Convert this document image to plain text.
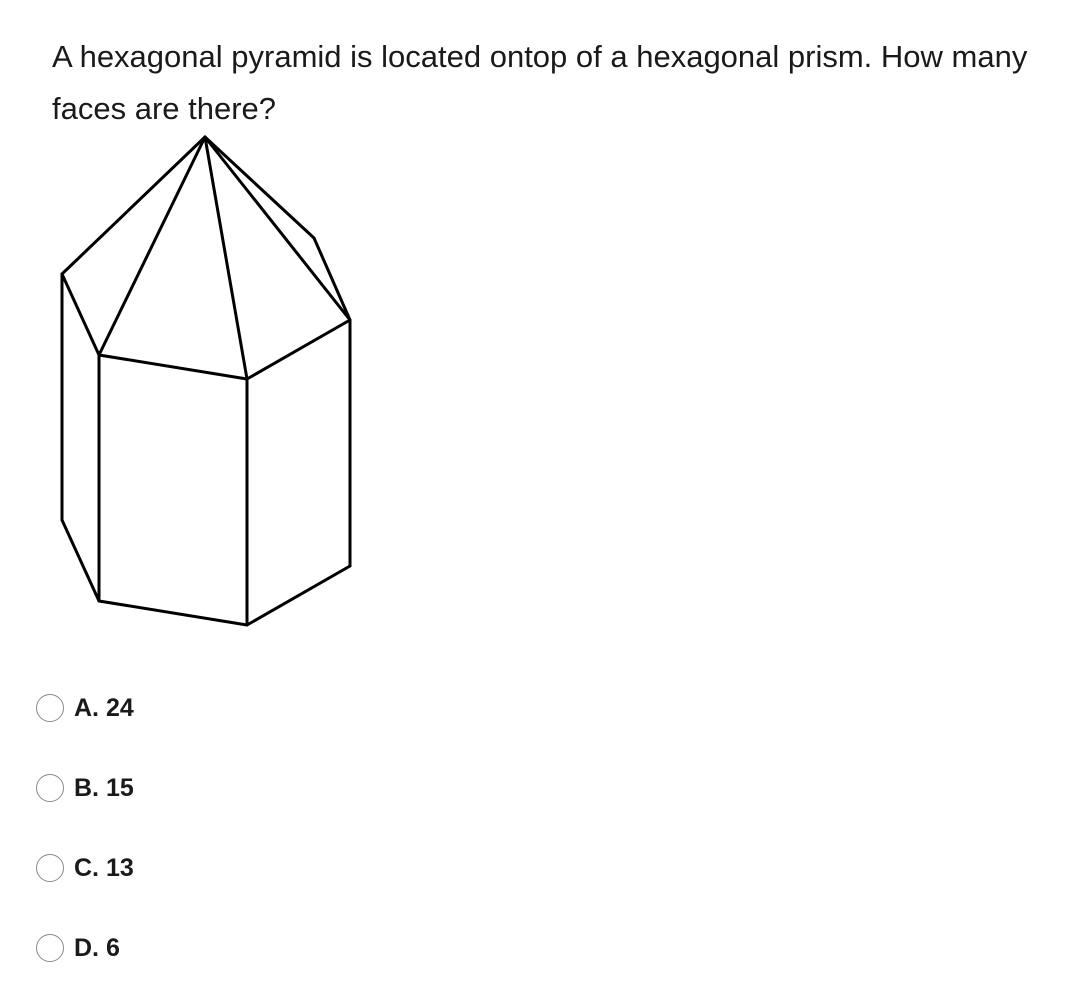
A hexagonal pyramid is located ontop of a hexagonal prism. How many faces are there?

A. 24
B. 15
C. 13
D. 6
